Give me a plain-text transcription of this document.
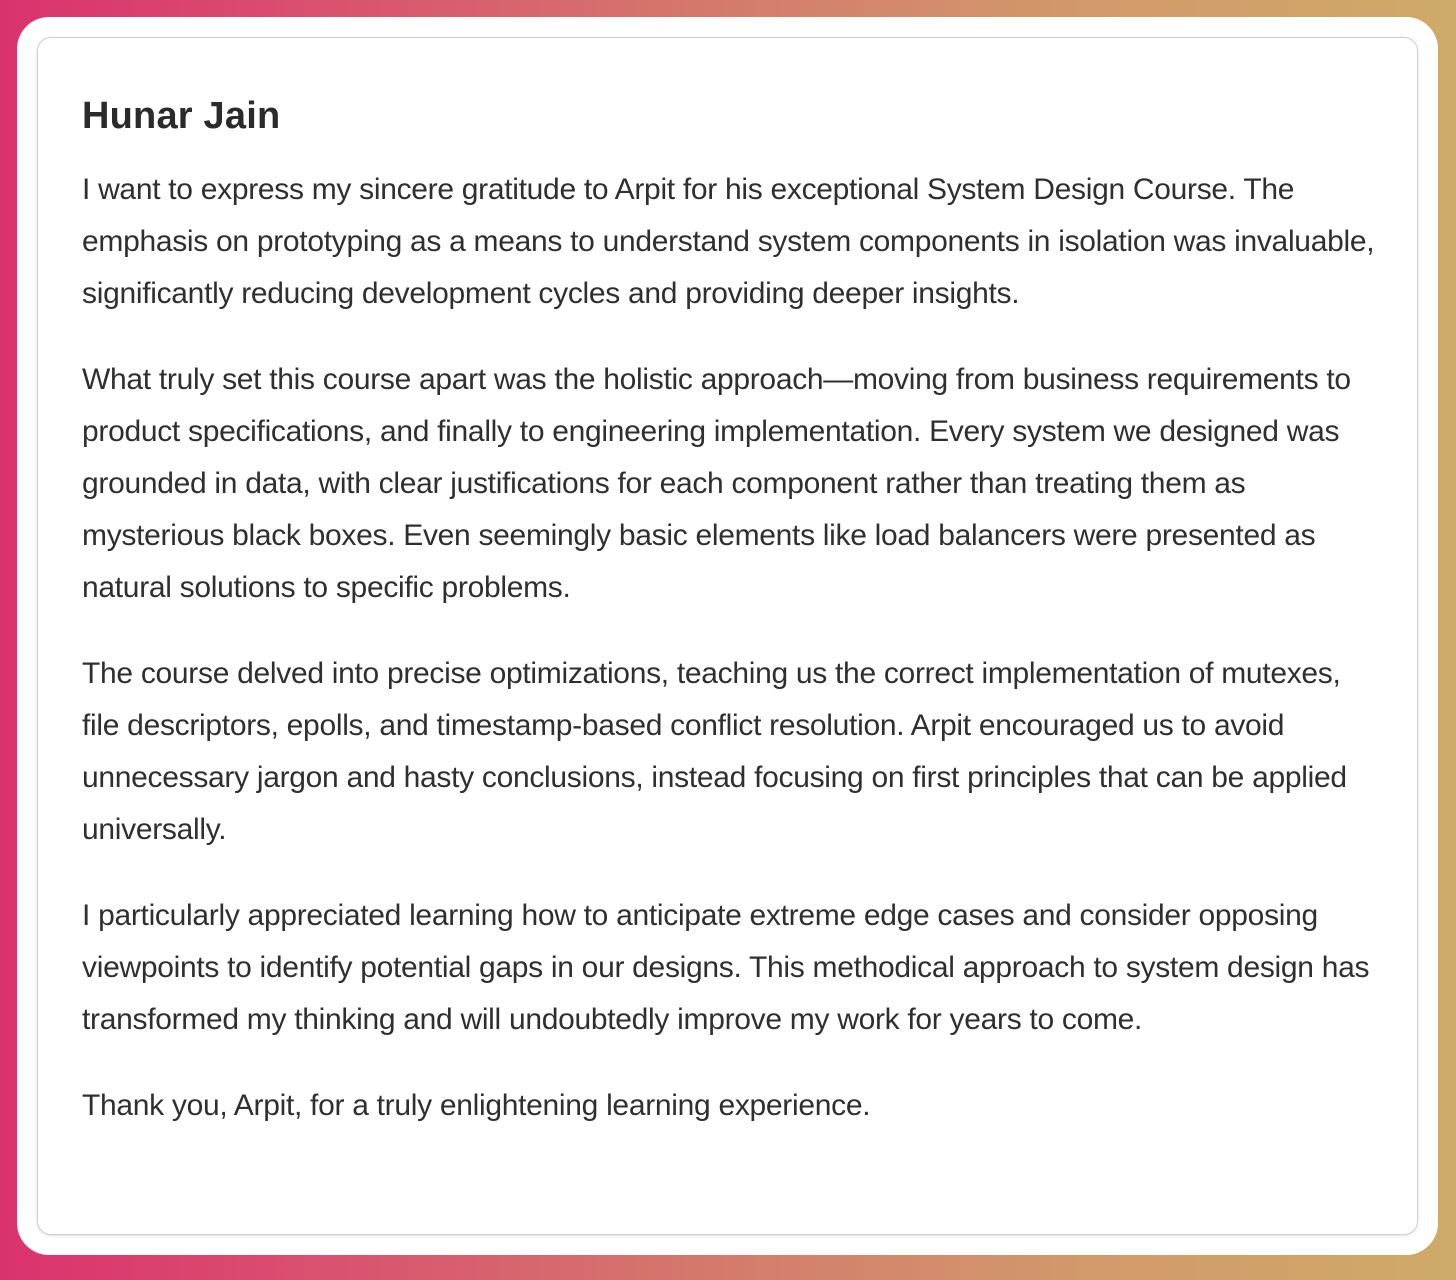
Hunar Jain

I want to express my sincere gratitude to Arpit for his exceptional System Design Course. The emphasis on prototyping as a means to understand system components in isolation was invaluable, significantly reducing development cycles and providing deeper insights.

What truly set this course apart was the holistic approach—moving from business requirements to product specifications, and finally to engineering implementation. Every system we designed was grounded in data, with clear justifications for each component rather than treating them as mysterious black boxes. Even seemingly basic elements like load balancers were presented as natural solutions to specific problems.

The course delved into precise optimizations, teaching us the correct implementation of mutexes, file descriptors, epolls, and timestamp-based conflict resolution. Arpit encouraged us to avoid unnecessary jargon and hasty conclusions, instead focusing on first principles that can be applied universally.

I particularly appreciated learning how to anticipate extreme edge cases and consider opposing viewpoints to identify potential gaps in our designs. This methodical approach to system design has transformed my thinking and will undoubtedly improve my work for years to come.

Thank you, Arpit, for a truly enlightening learning experience.
